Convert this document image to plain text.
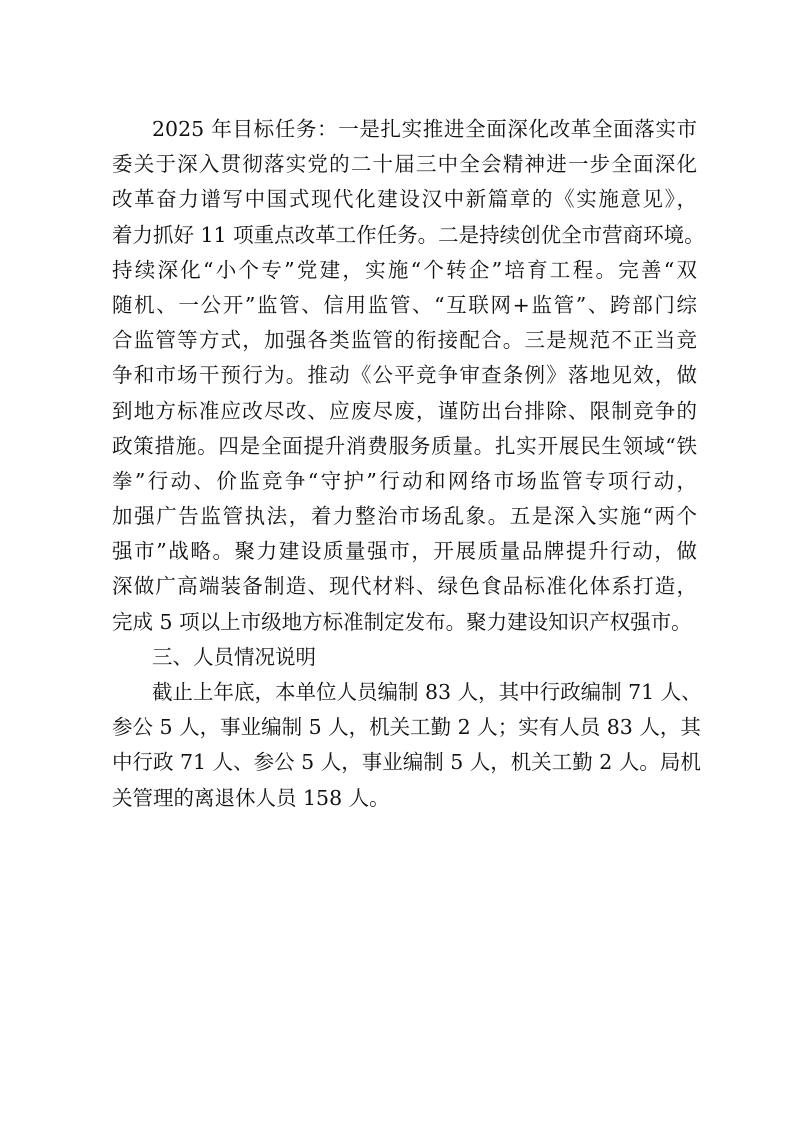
2025 年目标任务：一是扎实推进全面深化改革全面落实市
委关于深入贯彻落实党的二十届三中全会精神进一步全面深化
改革奋力谱写中国式现代化建设汉中新篇章的《实施意见》，
着力抓好 11 项重点改革工作任务。二是持续创优全市营商环境。
持续深化“小个专”党建，实施“个转企”培育工程。完善“双
随机、一公开”监管、信用监管、“互联网+监管”、跨部门综
合监管等方式，加强各类监管的衔接配合。三是规范不正当竞
争和市场干预行为。推动《公平竞争审查条例》落地见效，做
到地方标准应改尽改、应废尽废，谨防出台排除、限制竞争的
政策措施。四是全面提升消费服务质量。扎实开展民生领域“铁
拳”行动、价监竞争“守护”行动和网络市场监管专项行动，
加强广告监管执法，着力整治市场乱象。五是深入实施“两个
强市”战略。聚力建设质量强市，开展质量品牌提升行动，做
深做广高端装备制造、现代材料、绿色食品标准化体系打造，
完成 5 项以上市级地方标准制定发布。聚力建设知识产权强市。
三、人员情况说明
截止上年底，本单位人员编制 83 人，其中行政编制 71 人、
参公 5 人，事业编制 5 人，机关工勤 2 人；实有人员 83 人，其
中行政 71 人、参公 5 人，事业编制 5 人，机关工勤 2 人。局机
关管理的离退休人员 158 人。
